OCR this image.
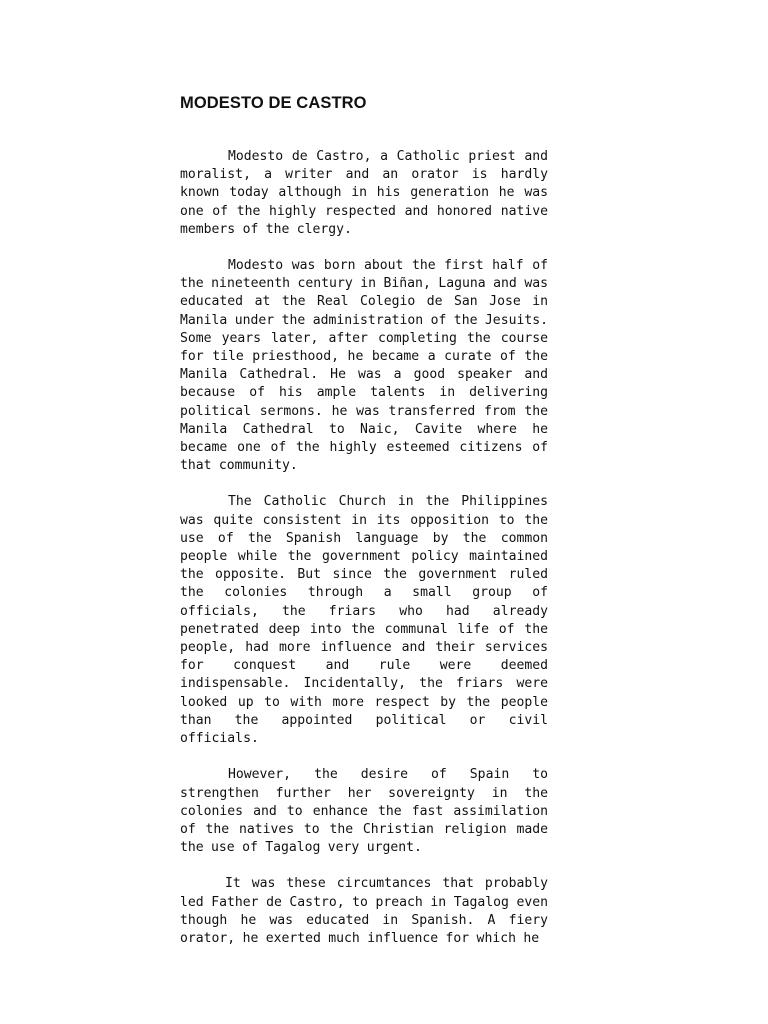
MODESTO DE CASTRO

Modesto de Castro, a Catholic priest and moralist, a writer and an orator is hardly known today although in his generation he was one of the highly respected and honored native members of the clergy.

Modesto was born about the first half of the nineteenth century in Biñan, Laguna and was educated at the Real Colegio de San Jose in Manila under the administration of the Jesuits. Some years later, after completing the course for tile priesthood, he became a curate of the Manila Cathedral. He was a good speaker and because of his ample talents in delivering political sermons. he was transferred from the Manila Cathedral to Naic, Cavite where he became one of the highly esteemed citizens of that community.

The Catholic Church in the Philippines was quite consistent in its opposition to the use of the Spanish language by the common people while the government policy maintained the opposite. But since the government ruled the colonies through a small group of officials, the friars who had already penetrated deep into the communal life of the people, had more influence and their services for conquest and rule were deemed indispensable. Incidentally, the friars were looked up to with more respect by the people than the appointed political or civil officials.

However, the desire of Spain to strengthen further her sovereignty in the colonies and to enhance the fast assimilation of the natives to the Christian religion made the use of Tagalog very urgent.

It was these circumtances that probably led Father de Castro, to preach in Tagalog even though he was educated in Spanish. A fiery orator, he exerted much influence for which he
